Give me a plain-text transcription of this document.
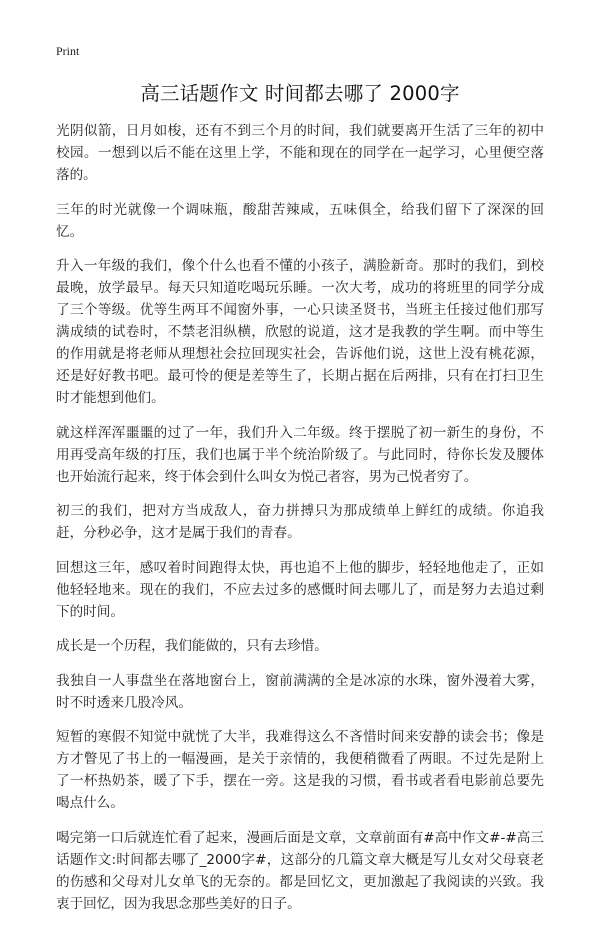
Print
高三话题作文 时间都去哪了 2000字

光阴似箭，日月如梭，还有不到三个月的时间，我们就要离开生活了三年的初中校园。一想到以后不能在这里上学，不能和现在的同学在一起学习，心里便空落落的。

三年的时光就像一个调味瓶，酸甜苦辣咸，五味俱全，给我们留下了深深的回忆。

升入一年级的我们，像个什么也看不懂的小孩子，满脸新奇。那时的我们，到校最晚，放学最早。每天只知道吃喝玩乐睡。一次大考，成功的将班里的同学分成了三个等级。优等生两耳不闻窗外事，一心只读圣贤书，当班主任接过他们那写满成绩的试卷时，不禁老泪纵横，欣慰的说道，这才是我教的学生啊。而中等生的作用就是将老师从理想社会拉回现实社会，告诉他们说，这世上没有桃花源，还是好好教书吧。最可怜的便是差等生了，长期占据在后两排，只有在打扫卫生时才能想到他们。

就这样浑浑噩噩的过了一年，我们升入二年级。终于摆脱了初一新生的身份，不用再受高年级的打压，我们也属于半个统治阶级了。与此同时，待你长发及腰体也开始流行起来，终于体会到什么叫女为悦己者容，男为己悦者穷了。

初三的我们，把对方当成敌人，奋力拼搏只为那成绩单上鲜红的成绩。你追我赶，分秒必争，这才是属于我们的青春。

回想这三年，感叹着时间跑得太快，再也追不上他的脚步，轻轻地他走了，正如他轻轻地来。现在的我们，不应去过多的感慨时间去哪儿了，而是努力去追过剩下的时间。

成长是一个历程，我们能做的，只有去珍惜。

我独自一人事盘坐在落地窗台上，窗前满满的全是冰凉的水珠，窗外漫着大雾，时不时透来几股冷风。

短暂的寒假不知觉中就恍了大半，我难得这么不吝惜时间来安静的读会书；像是方才瞥见了书上的一幅漫画，是关于亲情的，我便稍微看了两眼。不过先是附上了一杯热奶茶，暖了下手，摆在一旁。这是我的习惯，看书或者看电影前总要先喝点什么。

喝完第一口后就连忙看了起来，漫画后面是文章，文章前面有#高中作文#-#高三话题作文:时间都去哪了_2000字#，这部分的几篇文章大概是写儿女对父母衰老的伤感和父母对儿女单飞的无奈的。都是回忆文，更加激起了我阅读的兴致。我衷于回忆，因为我思念那些美好的日子。
